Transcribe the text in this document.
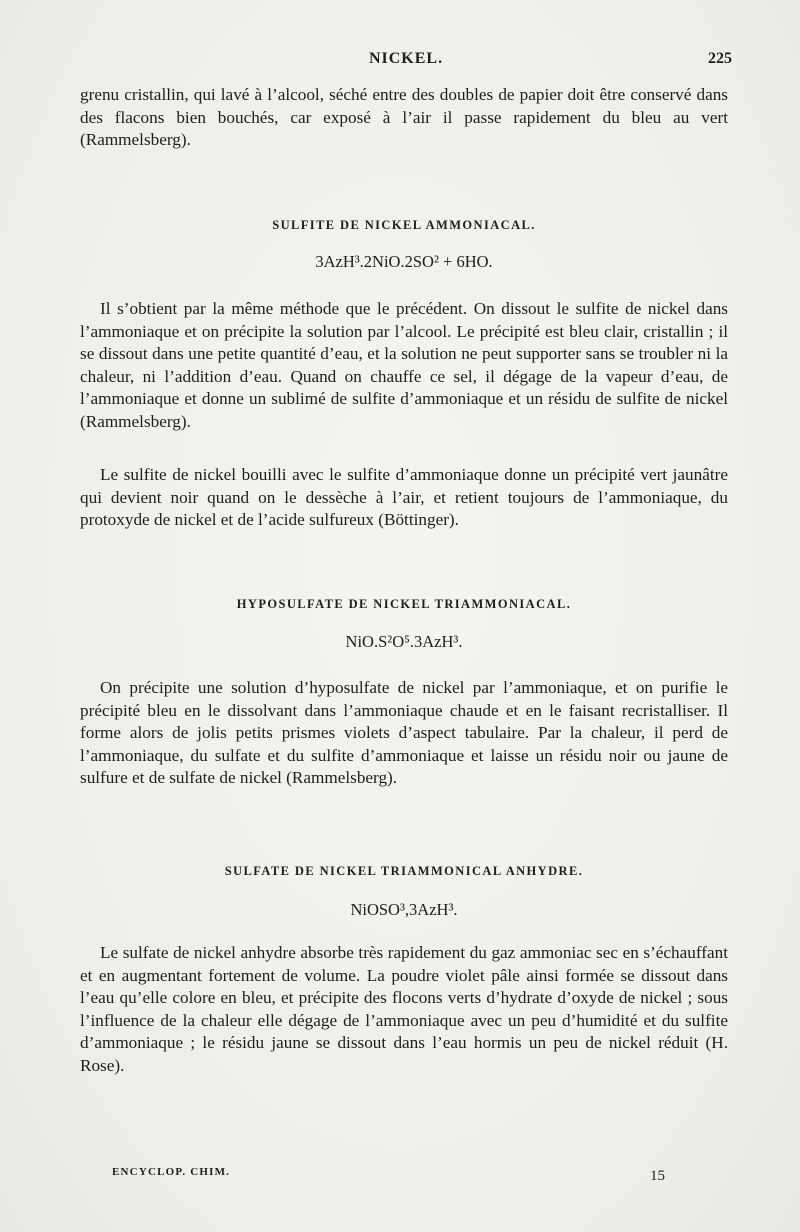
NICKEL.	225

grenu cristallin, qui lavé à l’alcool, séché entre des doubles de papier doit être conservé dans des flacons bien bouchés, car exposé à l’air il passe rapidement du bleu au vert (Rammelsberg).

SULFITE DE NICKEL AMMONIACAL.
3AzH³.2NiO.2SO² + 6HO.

Il s’obtient par la même méthode que le précédent. On dissout le sulfite de nickel dans l’ammoniaque et on précipite la solution par l’alcool. Le précipité est bleu clair, cristallin ; il se dissout dans une petite quantité d’eau, et la solution ne peut supporter sans se troubler ni la chaleur, ni l’addition d’eau. Quand on chauffe ce sel, il dégage de la vapeur d’eau, de l’ammoniaque et donne un sublimé de sulfite d’ammoniaque et un résidu de sulfite de nickel (Rammelsberg).

Le sulfite de nickel bouilli avec le sulfite d’ammoniaque donne un précipité vert jaunâtre qui devient noir quand on le dessèche à l’air, et retient toujours de l’ammoniaque, du protoxyde de nickel et de l’acide sulfureux (Böttinger).

HYPOSULFATE DE NICKEL TRIAMMONIACAL.
NiO.S²O⁵.3AzH³.

On précipite une solution d’hyposulfate de nickel par l’ammoniaque, et on purifie le précipité bleu en le dissolvant dans l’ammoniaque chaude et en le faisant recristalliser. Il forme alors de jolis petits prismes violets d’aspect tabulaire. Par la chaleur, il perd de l’ammoniaque, du sulfate et du sulfite d’ammoniaque et laisse un résidu noir ou jaune de sulfure et de sulfate de nickel (Rammelsberg).

SULFATE DE NICKEL TRIAMMONICAL ANHYDRE.
NiOSO³,3AzH³.

Le sulfate de nickel anhydre absorbe très rapidement du gaz ammoniac sec en s’échauffant et en augmentant fortement de volume. La poudre violet pâle ainsi formée se dissout dans l’eau qu’elle colore en bleu, et précipite des flocons verts d’hydrate d’oxyde de nickel ; sous l’influence de la chaleur elle dégage de l’ammoniaque avec un peu d’humidité et du sulfite d’ammoniaque ; le résidu jaune se dissout dans l’eau hormis un peu de nickel réduit (H. Rose).

ENCYCLOP. CHIM.	15
